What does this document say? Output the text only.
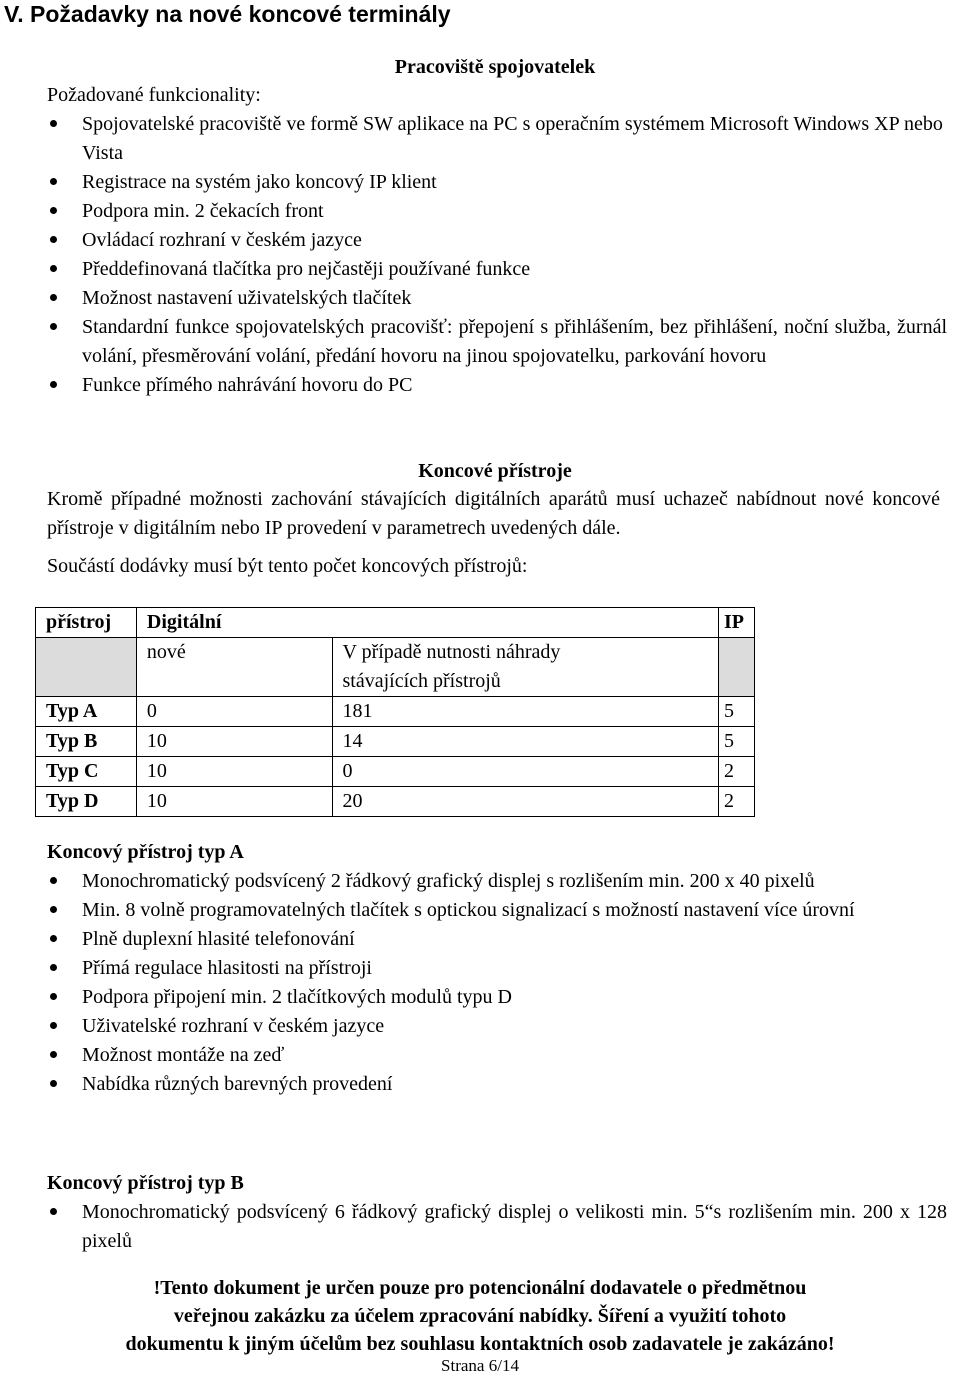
V. Požadavky na nové koncové terminály
Pracoviště spojovatelek
Požadované funkcionality:
Spojovatelské pracoviště ve formě SW aplikace na PC s operačním systémem Microsoft Windows XP nebo Vista
Registrace na systém jako koncový IP klient
Podpora min. 2 čekacích front
Ovládací rozhraní v českém jazyce
Předdefinovaná tlačítka pro nejčastěji používané funkce
Možnost nastavení uživatelských tlačítek
Standardní funkce spojovatelských pracovišť: přepojení s přihlášením, bez přihlášení, noční služba, žurnál volání, přesměrování volání, předání hovoru na jinou spojovatelku, parkování hovoru
Funkce přímého nahrávání hovoru do PC
Koncové přístroje
Kromě případné možnosti zachování stávajících digitálních aparátů musí uchazeč nabídnout nové koncové přístroje v digitálním nebo IP provedení v parametrech uvedených dále.
Součástí dodávky musí být tento počet koncových přístrojů:
přístroj	Digitální		IP
	nové	V případě nutnosti náhrady stávajících přístrojů	
Typ A	0	181	5
Typ B	10	14	5
Typ C	10	0	2
Typ D	10	20	2
Koncový přístroj typ A
Monochromatický podsvícený 2 řádkový grafický displej s rozlišením min. 200 x 40 pixelů
Min. 8 volně programovatelných tlačítek s optickou signalizací s možností nastavení více úrovní
Plně duplexní hlasité telefonování
Přímá regulace hlasitosti na přístroji
Podpora připojení min. 2 tlačítkových modulů typu D
Uživatelské rozhraní v českém jazyce
Možnost montáže na zeď
Nabídka různých barevných provedení
Koncový přístroj typ B
Monochromatický podsvícený 6 řádkový grafický displej o velikosti min. 5“s rozlišením min. 200 x 128 pixelů
!Tento dokument je určen pouze pro potencionální dodavatele o předmětnou
veřejnou zakázku za účelem zpracování nabídky. Šíření a využití tohoto
dokumentu k jiným účelům bez souhlasu kontaktních osob zadavatele je zakázáno!
Strana 6/14
